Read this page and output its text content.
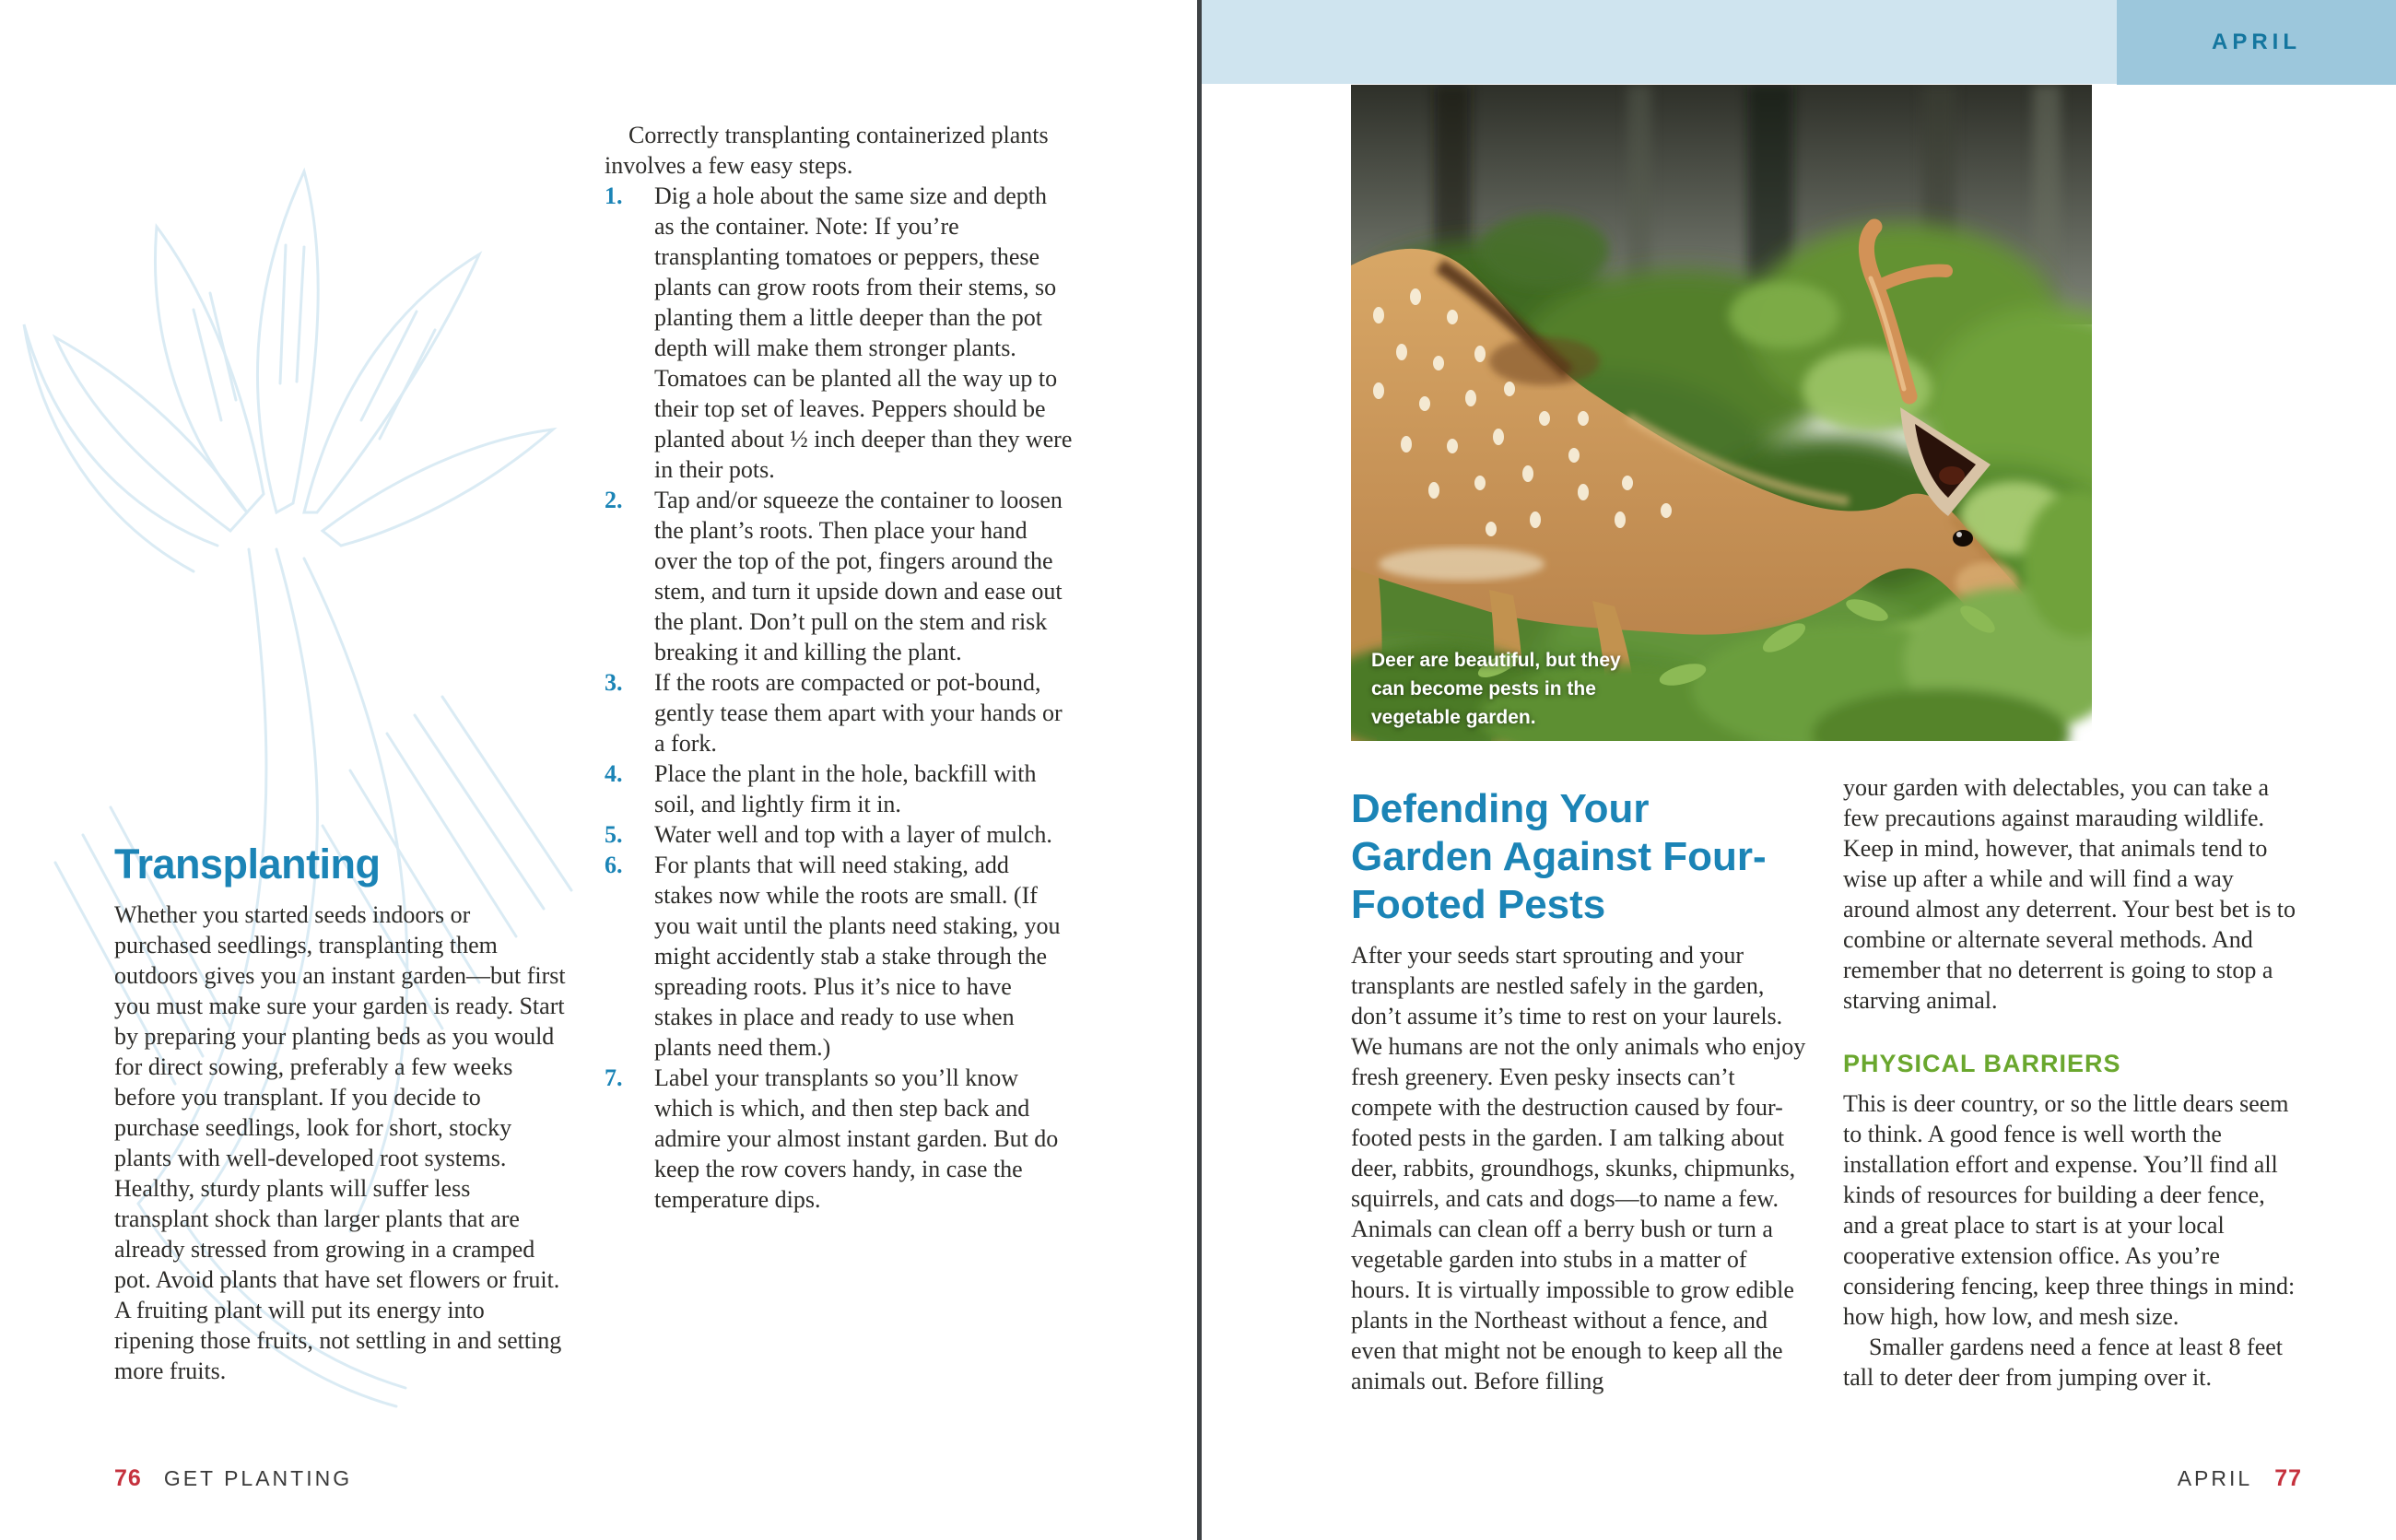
Correctly transplanting containerized plants involves a few easy steps.

1.	Dig a hole about the same size and depth as the container. Note: If you’re transplanting tomatoes or peppers, these plants can grow roots from their stems, so planting them a little deeper than the pot depth will make them stronger plants. Tomatoes can be planted all the way up to their top set of leaves. Peppers should be planted about ½ inch deeper than they were in their pots.
2.	Tap and/or squeeze the container to loosen the plant’s roots. Then place your hand over the top of the pot, fingers around the stem, and turn it upside down and ease out the plant. Don’t pull on the stem and risk breaking it and killing the plant.
3.	If the roots are compacted or pot-bound, gently tease them apart with your hands or a fork.
4.	Place the plant in the hole, backfill with soil, and lightly firm it in.
5.	Water well and top with a layer of mulch.
6.	For plants that will need staking, add stakes now while the roots are small. (If you wait until the plants need staking, you might accidently stab a stake through the spreading roots. Plus it’s nice to have stakes in place and ready to use when plants need them.)
7.	Label your transplants so you’ll know which is which, and then step back and admire your almost instant garden. But do keep the row covers handy, in case the temperature dips.
Transplanting

Whether you started seeds indoors or purchased seedlings, transplanting them outdoors gives you an instant garden—but first you must make sure your garden is ready. Start by preparing your planting beds as you would for direct sowing, preferably a few weeks before you transplant. If you decide to purchase seedlings, look for short, stocky plants with well-developed root systems. Healthy, sturdy plants will suffer less transplant shock than larger plants that are already stressed from growing in a cramped pot. Avoid plants that have set flowers or fruit. A fruiting plant will put its energy into ripening those fruits, not settling in and setting more fruits.

76 GET PLANTING
APRIL
Deer are beautiful, but they can become pests in the vegetable garden.
Defending Your Garden Against Four-Footed Pests

After your seeds start sprouting and your transplants are nestled safely in the garden, don’t assume it’s time to rest on your laurels. We humans are not the only animals who enjoy fresh greenery. Even pesky insects can’t compete with the destruction caused by four-footed pests in the garden. I am talking about deer, rabbits, groundhogs, skunks, chipmunks, squirrels, and cats and dogs—to name a few. Animals can clean off a berry bush or turn a vegetable garden into stubs in a matter of hours. It is virtually impossible to grow edible plants in the Northeast without a fence, and even that might not be enough to keep all the animals out. Before filling

your garden with delectables, you can take a few precautions against marauding wildlife. Keep in mind, however, that animals tend to wise up after a while and will find a way around almost any deterrent. Your best bet is to combine or alternate several methods. And remember that no deterrent is going to stop a starving animal.

PHYSICAL BARRIERS

This is deer country, or so the little dears seem to think. A good fence is well worth the installation effort and expense. You’ll find all kinds of resources for building a deer fence, and a great place to start is at your local cooperative extension office. As you’re considering fencing, keep three things in mind: how high, how low, and mesh size.

Smaller gardens need a fence at least 8 feet tall to deter deer from jumping over it.

APRIL 77
